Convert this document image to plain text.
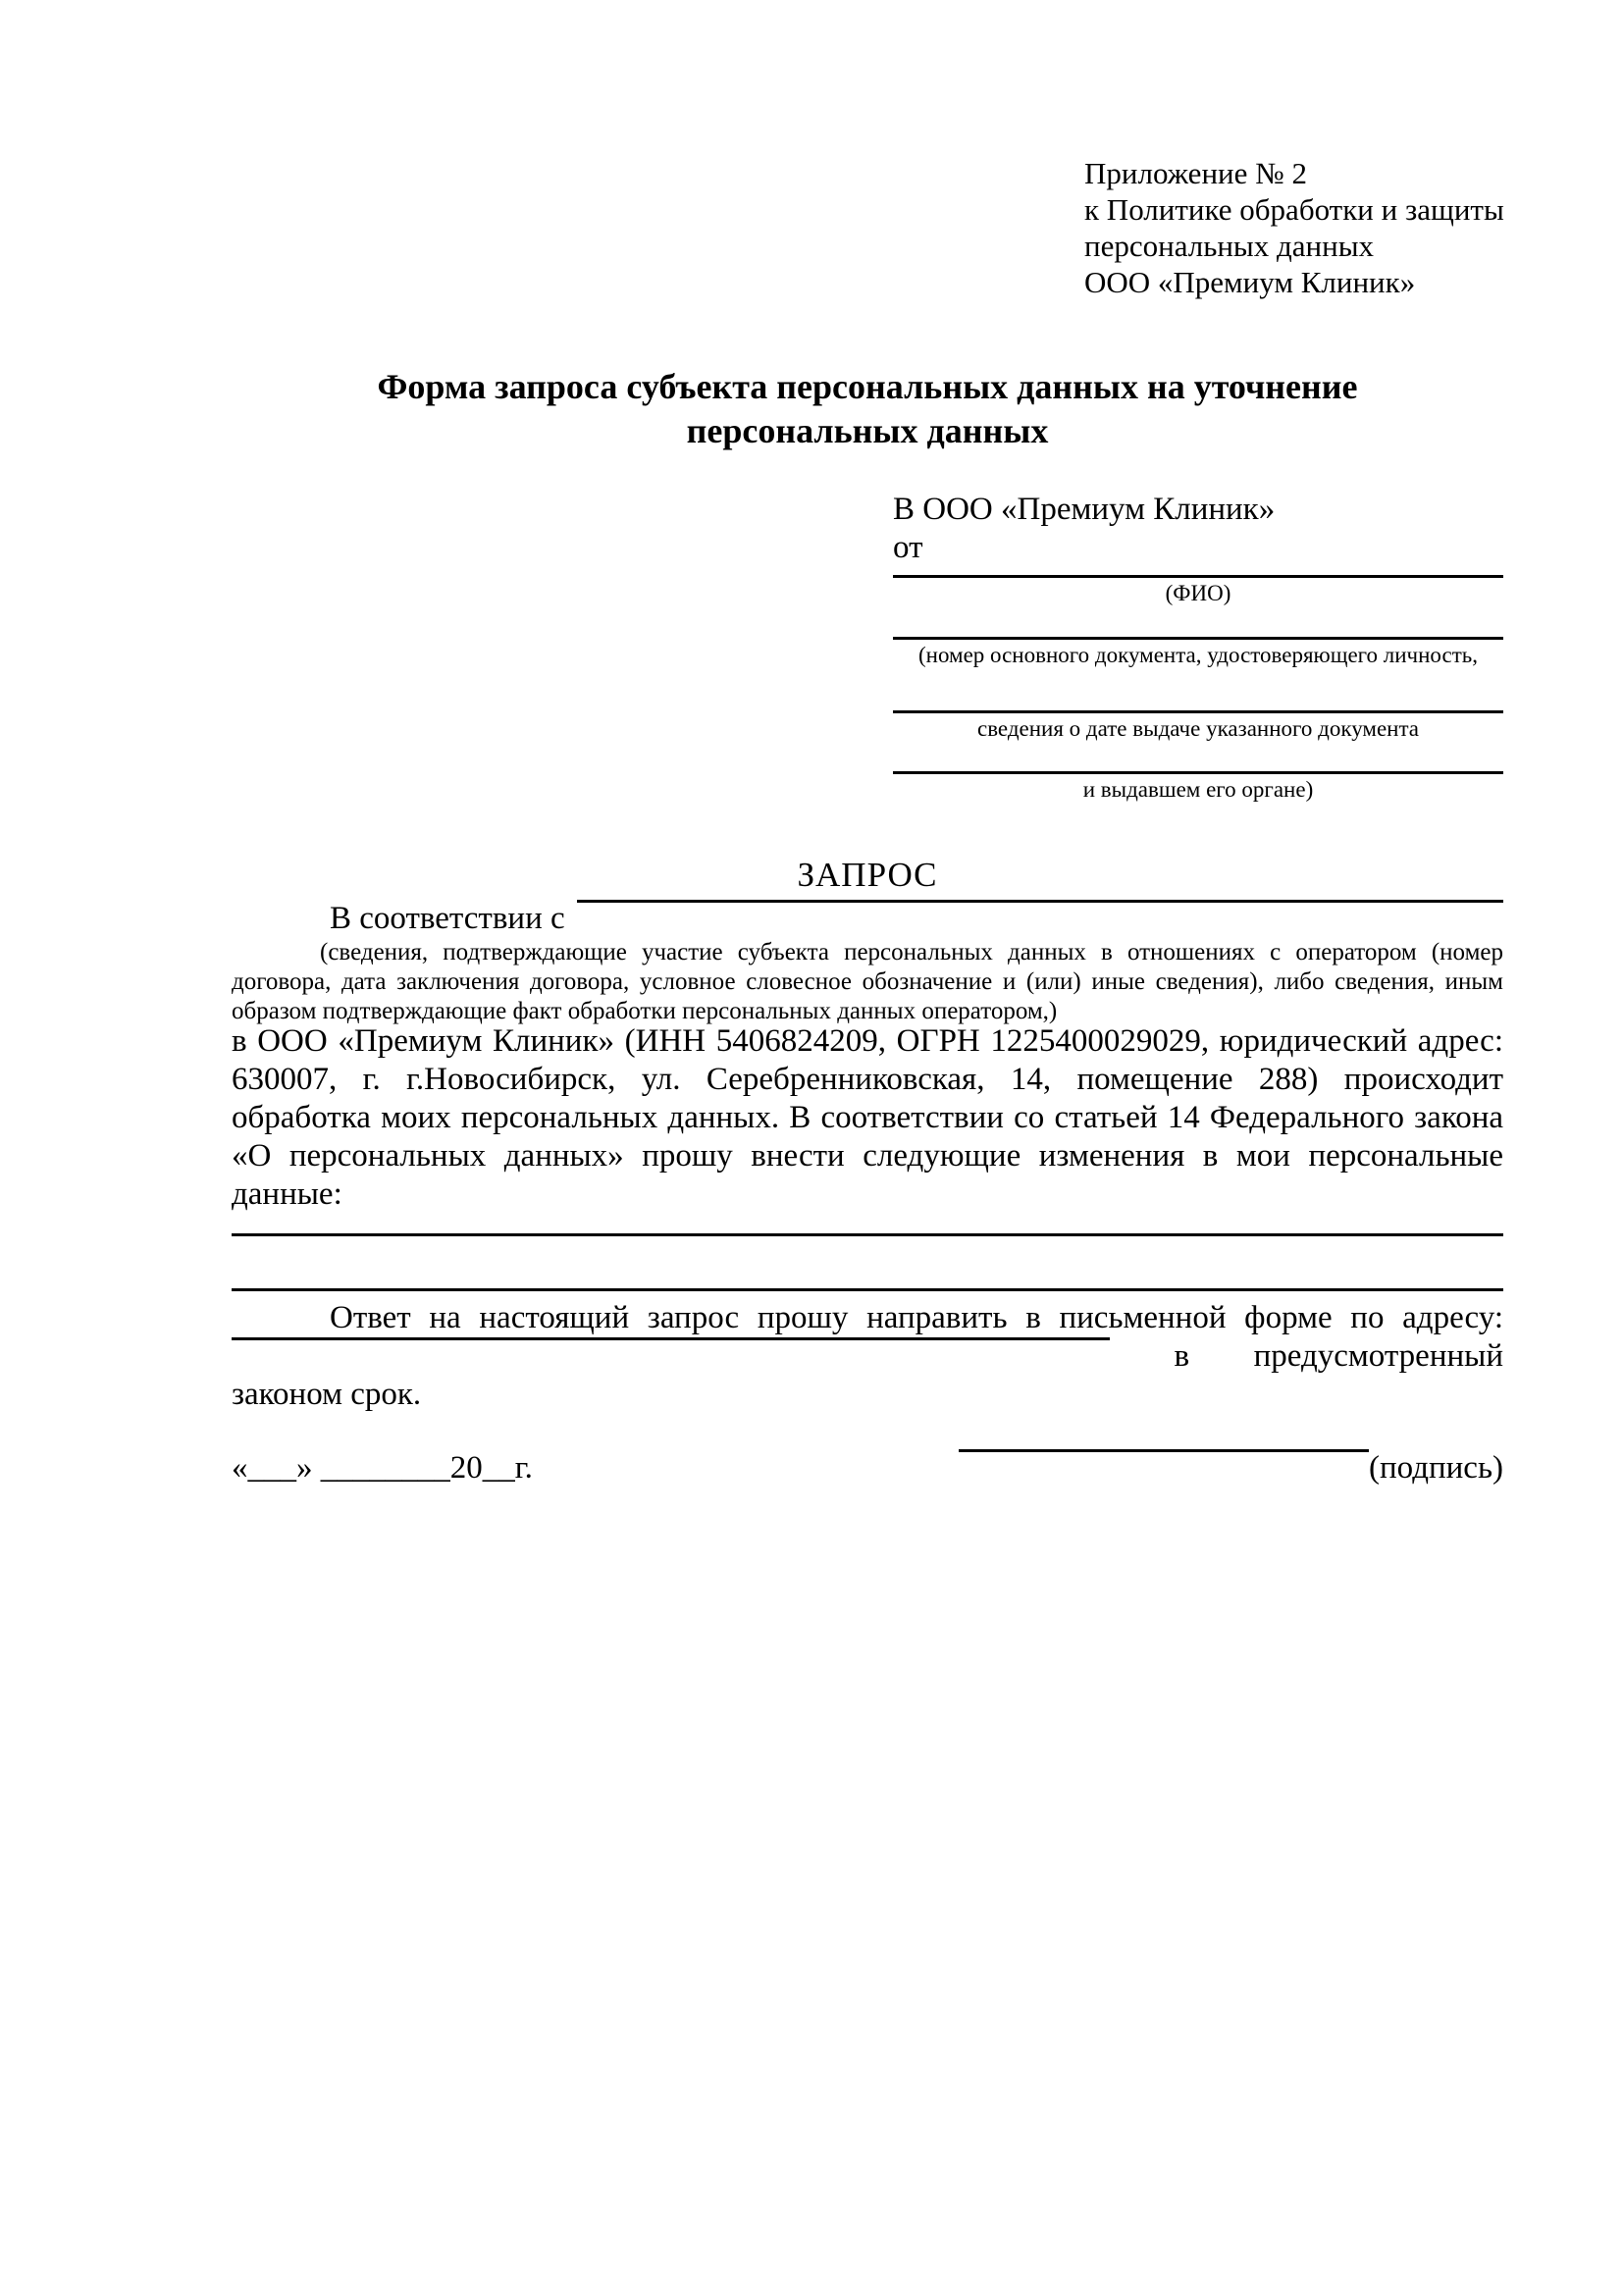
Приложение № 2
к Политике обработки и защиты
персональных данных
ООО «Премиум Клиник»
Форма запроса субъекта персональных данных на уточнение персональных данных
В ООО «Премиум Клиник»
от
(ФИО)
(номер основного документа, удостоверяющего личность,
сведения о дате выдаче указанного документа
и выдавшем его органе)
ЗАПРОС
В соответствии с

(сведения, подтверждающие участие субъекта персональных данных в отношениях с оператором (номер договора, дата заключения договора, условное словесное обозначение и (или) иные сведения), либо сведения, иным образом подтверждающие факт обработки персональных данных оператором,)

в ООО «Премиум Клиник» (ИНН 5406824209, ОГРН 1225400029029, юридический адрес: 630007, г. г.Новосибирск, ул. Серебренниковская, 14, помещение 288) происходит обработка моих персональных данных. В соответствии со статьей 14 Федерального закона «О персональных данных» прошу внести следующие изменения в мои персональные данные:

Ответ на настоящий запрос прошу направить в письменной форме по адресу:

в предусмотренный

законом срок.

«___» ________20__г.	(подпись)
